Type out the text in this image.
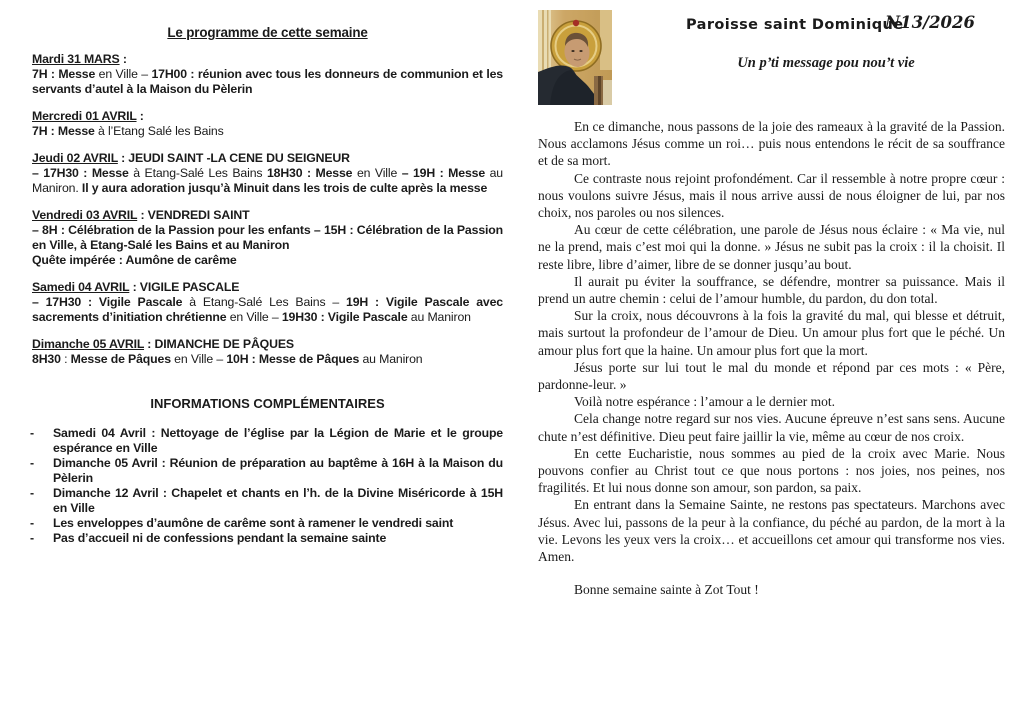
Le programme de cette semaine
Mardi 31 MARS :
7H : Messe en Ville – 17H00 : réunion avec tous les donneurs de communion et les servants d’autel à la Maison du Pèlerin
Mercredi 01 AVRIL :
7H : Messe à l’Etang Salé les Bains
Jeudi 02 AVRIL : JEUDI SAINT -LA CENE DU SEIGNEUR
– 17H30 : Messe à Etang-Salé Les Bains 18H30 : Messe en Ville – 19H : Messe au Maniron. Il y aura adoration jusqu’à Minuit dans les trois de culte après la messe
Vendredi 03 AVRIL : VENDREDI SAINT
– 8H : Célébration de la Passion pour les enfants – 15H : Célébration de la Passion en Ville, à Etang-Salé les Bains et au Maniron
Quête impérée : Aumône de carême
Samedi 04 AVRIL : VIGILE PASCALE
– 17H30 : Vigile Pascale à Etang-Salé Les Bains – 19H : Vigile Pascale avec sacrements d’initiation chrétienne en Ville – 19H30 : Vigile Pascale au Maniron
Dimanche 05 AVRIL : DIMANCHE DE PÂQUES
8H30 : Messe de Pâques en Ville – 10H : Messe de Pâques au Maniron
INFORMATIONS COMPLÉMENTAIRES
- Samedi 04 Avril : Nettoyage de l’église par la Légion de Marie et le groupe espérance en Ville
- Dimanche 05 Avril : Réunion de préparation au baptême à 16H à la Maison du Pèlerin
- Dimanche 12 Avril : Chapelet et chants en l’h. de la Divine Miséricorde à 15H en Ville
- Les enveloppes d’aumône de carême sont à ramener le vendredi saint
- Pas d’accueil ni de confessions pendant la semaine sainte
Paroisse saint Dominique
N13/2026
Un p’ti message pou nou’t vie

En ce dimanche, nous passons de la joie des rameaux à la gravité de la Passion. Nous acclamons Jésus comme un roi… puis nous entendons le récit de sa souffrance et de sa mort.

Ce contraste nous rejoint profondément. Car il ressemble à notre propre cœur : nous voulons suivre Jésus, mais il nous arrive aussi de nous éloigner de lui, par nos choix, nos paroles ou nos silences.

Au cœur de cette célébration, une parole de Jésus nous éclaire : « Ma vie, nul ne la prend, mais c’est moi qui la donne. » Jésus ne subit pas la croix : il la choisit. Il reste libre, libre d’aimer, libre de se donner jusqu’au bout.

Il aurait pu éviter la souffrance, se défendre, montrer sa puissance. Mais il prend un autre chemin : celui de l’amour humble, du pardon, du don total.

Sur la croix, nous découvrons à la fois la gravité du mal, qui blesse et détruit, mais surtout la profondeur de l’amour de Dieu. Un amour plus fort que le péché. Un amour plus fort que la haine. Un amour plus fort que la mort.

Jésus porte sur lui tout le mal du monde et répond par ces mots : « Père, pardonne-leur. »

Voilà notre espérance : l’amour a le dernier mot.

Cela change notre regard sur nos vies. Aucune épreuve n’est sans sens. Aucune chute n’est définitive. Dieu peut faire jaillir la vie, même au cœur de nos croix.

En cette Eucharistie, nous sommes au pied de la croix avec Marie. Nous pouvons confier au Christ tout ce que nous portons : nos joies, nos peines, nos fragilités. Et lui nous donne son amour, son pardon, sa paix.

En entrant dans la Semaine Sainte, ne restons pas spectateurs. Marchons avec Jésus. Avec lui, passons de la peur à la confiance, du péché au pardon, de la mort à la vie. Levons les yeux vers la croix… et accueillons cet amour qui transforme nos vies. Amen.

Bonne semaine sainte à Zot Tout !
